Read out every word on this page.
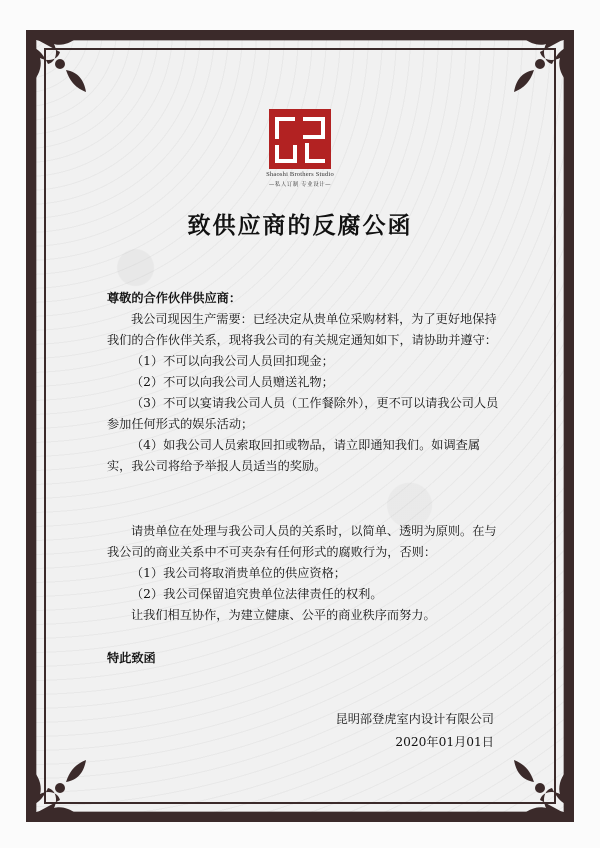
Shaoshi Brothers Studio
—私人订制 专业设计—
致供应商的反腐公函

尊敬的合作伙伴供应商：

我公司现因生产需要：已经决定从贵单位采购材料，为了更好地保持我们的合作伙伴关系，现将我公司的有关规定通知如下，请协助并遵守：

（1）不可以向我公司人员回扣现金；

（2）不可以向我公司人员赠送礼物；

（3）不可以宴请我公司人员（工作餐除外），更不可以请我公司人员参加任何形式的娱乐活动；

（4）如我公司人员索取回扣或物品，请立即通知我们。如调查属实，我公司将给予举报人员适当的奖励。

请贵单位在处理与我公司人员的关系时，以简单、透明为原则。在与我公司的商业关系中不可夹杂有任何形式的腐败行为，否则：

（1）我公司将取消贵单位的供应资格；

（2）我公司保留追究贵单位法律责任的权利。

让我们相互协作，为建立健康、公平的商业秩序而努力。

特此致函

昆明部登虎室内设计有限公司
2020年01月01日
